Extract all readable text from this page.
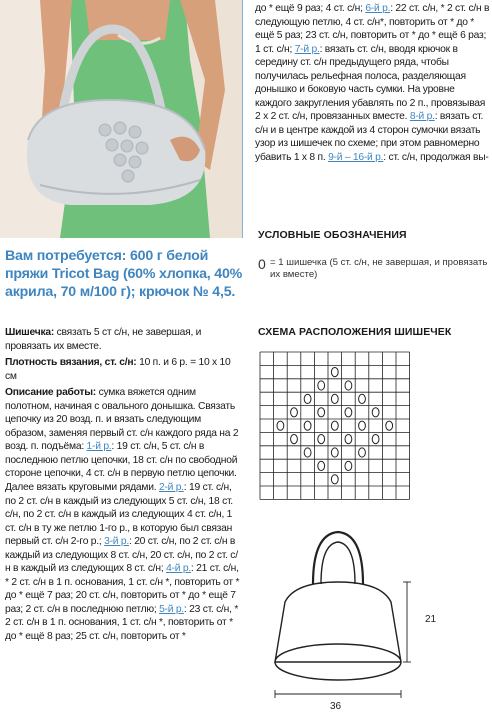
Вам потребуется: 600 г белой пряжи Tricot Bag (60% хлопка, 40% акрила, 70 м/100 г); крючок № 4,5.

Шишечка: связать 5 ст с/н, не завершая, и провязать их вместе.

Плотность вязания, ст. с/н: 10 п. и 6 р. = 10 х 10 см

Описание работы: сумка вяжется одним полотном, начиная с овального донышка. Связать цепочку из 20 возд. п. и вязать следующим образом, заменяя первый ст. с/н каждого ряда на 2 возд. п. подъёма: 1-й р.: 19 ст. с/н, 5 ст. с/н в последнюю петлю цепочки, 18 ст. с/н по свободной стороне цепочки, 4 ст. с/н в первую петлю цепочки. Далее вязать круговыми рядами. 2-й р.: 19 ст. с/н, по 2 ст. с/н в каждый из следующих 5 ст. с/н, 18 ст. с/н, по 2 ст. с/н в каждый из следующих 4 ст. с/н, 1 ст. с/н в ту же петлю 1-го р., в которую был связан первый ст. с/н 2-го р.; 3-й р.: 20 ст. с/н, по 2 ст. с/н в каждый из следующих 8 ст. с/н, 20 ст. с/н, по 2 ст. с/н в каждый из следующих 8 ст. с/н; 4-й р.: 21 ст. с/н, * 2 ст. с/н в 1 п. основания, 1 ст. с/н *, повторить от * до * ещё 7 раз; 20 ст. с/н, повторить от * до * ещё 7 раз; 2 ст. с/н в последнюю петлю; 5-й р.: 23 ст. с/н, * 2 ст. с/н в 1 п. основания, 1 ст. с/н *, повторить от * до * ещё 8 раз; 25 ст. с/н, повторить от *

до * ещё 9 раз; 4 ст. с/н; 6-й р.: 22 ст. с/н, * 2 ст. с/н в следующую петлю, 4 ст. с/н*, повторить от * до * ещё 5 раз; 23 ст. с/н, повторить от * до * ещё 6 раз; 1 ст. с/н; 7-й р.: вязать ст. с/н, вводя крючок в середину ст. с/н предыдущего ряда, чтобы получилась рельефная полоса, разделяющая донышко и боковую часть сумки. На уровне каждого закругления убавлять по 2 п., провязывая 2 х 2 ст. с/н, провязанных вместе. 8-й р.: вязать ст. с/н и в центре каждой из 4 сторон сумочки вязать узор из шишечек по схеме; при этом равномерно убавить 1 х 8 п. 9-й – 16-й р.: ст. с/н, продолжая вы-
УСЛОВНЫЕ ОБОЗНАЧЕНИЯ
0 = 1 шишечка (5 ст. с/н, не завершая, и провязать их вместе)
СХЕМА РАСПОЛОЖЕНИЯ ШИШЕЧЕК
21
36
